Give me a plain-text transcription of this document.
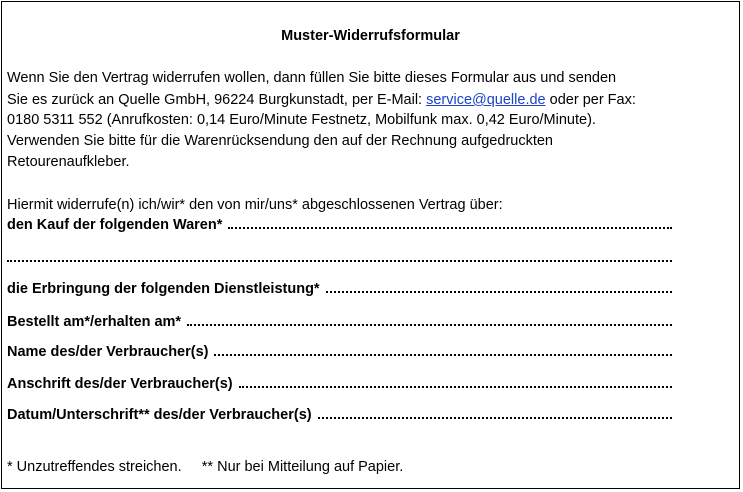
Muster-Widerrufsformular
Wenn Sie den Vertrag widerrufen wollen, dann füllen Sie bitte dieses Formular aus und senden
Sie es zurück an Quelle GmbH, 96224 Burgkunstadt, per E-Mail: service@quelle.de oder per Fax:
0180 5311 552 (Anrufkosten: 0,14 Euro/Minute Festnetz, Mobilfunk max. 0,42 Euro/Minute).
Verwenden Sie bitte für die Warenrücksendung den auf der Rechnung aufgedruckten
Retourenaufkleber.
Hiermit widerrufe(n) ich/wir* den von mir/uns* abgeschlossenen Vertrag über:
den Kauf der folgenden Waren*
die Erbringung der folgenden Dienstleistung*
Bestellt am*/erhalten am*
Name des/der Verbraucher(s)
Anschrift des/der Verbraucher(s)
Datum/Unterschrift** des/der Verbraucher(s)
* Unzutreffendes streichen.     ** Nur bei Mitteilung auf Papier.
